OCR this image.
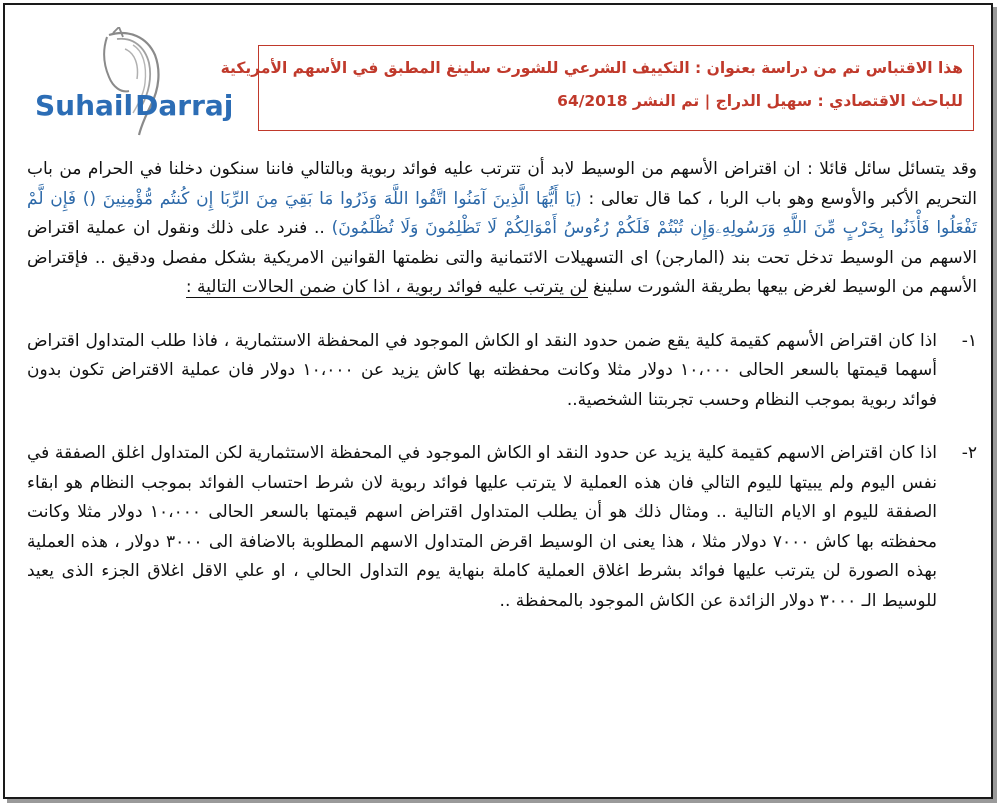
SuhailDarraj
هذا الاقتباس تم من دراسة بعنوان : التكييف الشرعي للشورت سلينغ المطبق في الأسهم الأمريكية
للباحث الاقتصادي : سهيل الدراج | تم النشر 64/2018

وقد يتسائل سائل قائلا : ان اقتراض الأسهم من الوسيط لابد أن تترتب عليه فوائد ربوية وبالتالي فاننا سنكون دخلنا في الحرام من باب التحريم الأكبر والأوسع وهو باب الربا ، كما قال تعالى : (يَا أَيُّهَا الَّذِينَ آمَنُوا اتَّقُوا اللَّهَ وَذَرُوا مَا بَقِيَ مِنَ الرِّبَا إِن كُنتُم مُّؤْمِنِينَ () فَإِن لَّمْ تَفْعَلُوا فَأْذَنُوا بِحَرْبٍ مِّنَ اللَّهِ وَرَسُولِهِۦوَإِن تُبْتُمْ فَلَكُمْ رُءُوسُ أَمْوَالِكُمْ لَا تَظْلِمُونَ وَلَا تُظْلَمُونَ) .. فنرد على ذلك ونقول ان عملية اقتراض الاسهم من الوسيط تدخل تحت بند (المارجن) اى التسهيلات الائتمانية والتى نظمتها القوانين الامريكية بشكل مفصل ودقيق .. فإقتراض الأسهم من الوسيط لغرض بيعها بطريقة الشورت سلينغ لن يترتب عليه فوائد ربوية ، اذا كان ضمن الحالات التالية :

١-

اذا كان اقتراض الأسهم كقيمة كلية يقع ضمن حدود النقد او الكاش الموجود في المحفظة الاستثمارية ، فاذا طلب المتداول اقتراض أسهما قيمتها بالسعر الحالى ١٠،٠٠٠ دولار مثلا وكانت محفظته بها كاش يزيد عن ١٠،٠٠٠ دولار فان عملية الاقتراض تكون بدون فوائد ربوية بموجب النظام وحسب تجربتنا الشخصية..

٢-

اذا كان اقتراض الاسهم كقيمة كلية يزيد عن حدود النقد او الكاش الموجود في المحفظة الاستثمارية لكن المتداول اغلق الصفقة في نفس اليوم ولم يبيتها لليوم التالي فان هذه العملية لا يترتب عليها فوائد ربوية لان شرط احتساب الفوائد بموجب النظام هو ابقاء الصفقة لليوم او الايام التالية .. ومثال ذلك هو أن يطلب المتداول اقتراض اسهم قيمتها بالسعر الحالى ١٠،٠٠٠ دولار مثلا وكانت محفظته بها كاش ٧٠٠٠ دولار مثلا ، هذا يعنى ان الوسيط اقرض المتداول الاسهم المطلوبة بالاضافة الى ٣٠٠٠ دولار ، هذه العملية بهذه الصورة لن يترتب عليها فوائد بشرط اغلاق العملية كاملة بنهاية يوم التداول الحالي ، او علي الاقل اغلاق الجزء الذى يعيد للوسيط الـ ٣٠٠٠ دولار الزائدة عن الكاش الموجود بالمحفظة ..
